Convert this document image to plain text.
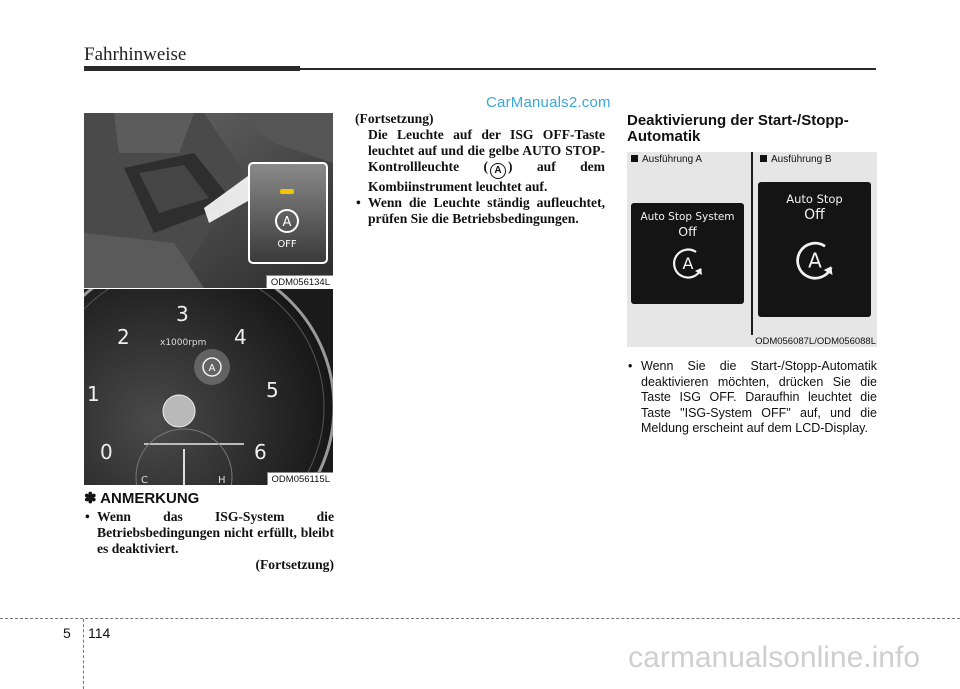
Fahrhinweise
CarManuals2.com
A
OFF
ODM056134L
0
1
2
3
4
5
6
x1000rpm
A
C	H	ODM056115L
✽ ANMERKUNG
• Wenn das ISG-System die Betriebsbedingungen nicht erfüllt, bleibt es deaktiviert.
(Fortsetzung)
(Fortsetzung)
Die Leuchte auf der ISG OFF-Taste leuchtet auf und die gelbe AUTO STOP-Kontrollleuchte ( A ) auf dem Kombiinstrument leuchtet auf.
• Wenn die Leuchte ständig aufleuchtet, prüfen Sie die Betriebsbedingungen.
Deaktivierung der Start-/Stopp-Automatik
Ausführung A	Ausführung B
Auto Stop System
Off
A
Auto Stop
Off
A
ODM056087L/ODM056088L
• Wenn Sie die Start-/Stopp-Automatik deaktivieren möchten, drücken Sie die Taste ISG OFF. Daraufhin leuchtet die Taste "ISG-System OFF" auf, und die Meldung erscheint auf dem LCD-Display.
5 114
carmanualsonline.info
